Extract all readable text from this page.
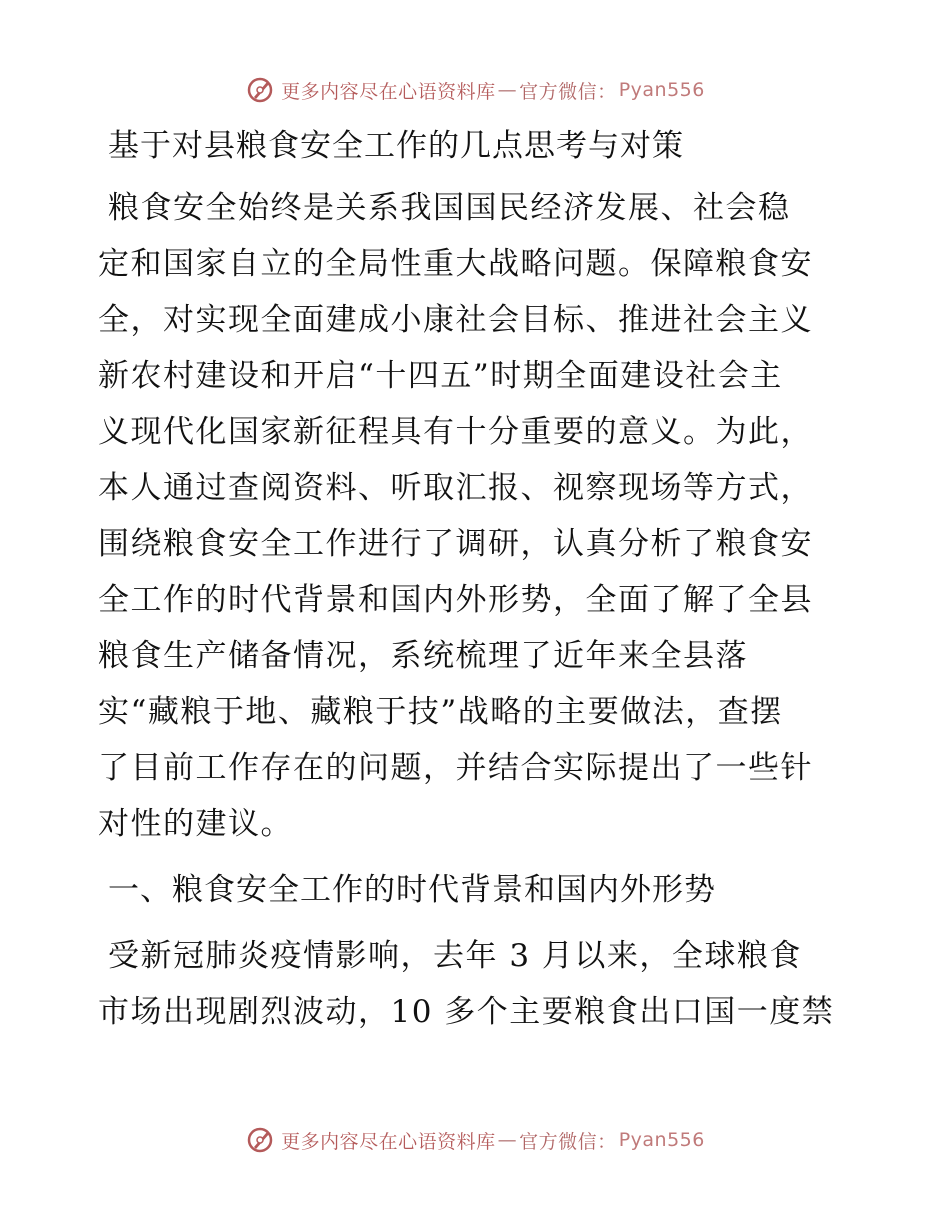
更多内容尽在心语资料库 — 官方微信： Pyan556
基于对县粮食安全工作的几点思考与对策
粮食安全始终是关系我国国民经济发展、社会稳
定和国家自立的全局性重大战略问题。保障粮食安
全，对实现全面建成小康社会目标、推进社会主义
新农村建设和开启“十四五”时期全面建设社会主
义现代化国家新征程具有十分重要的意义。为此，
本人通过查阅资料、听取汇报、视察现场等方式，
围绕粮食安全工作进行了调研，认真分析了粮食安
全工作的时代背景和国内外形势，全面了解了全县
粮食生产储备情况，系统梳理了近年来全县落
实“藏粮于地、藏粮于技”战略的主要做法，查摆
了目前工作存在的问题，并结合实际提出了一些针
对性的建议。
一、粮食安全工作的时代背景和国内外形势
受新冠肺炎疫情影响，去年 3 月以来，全球粮食
市场出现剧烈波动，10 多个主要粮食出口国一度禁
更多内容尽在心语资料库 — 官方微信： Pyan556
